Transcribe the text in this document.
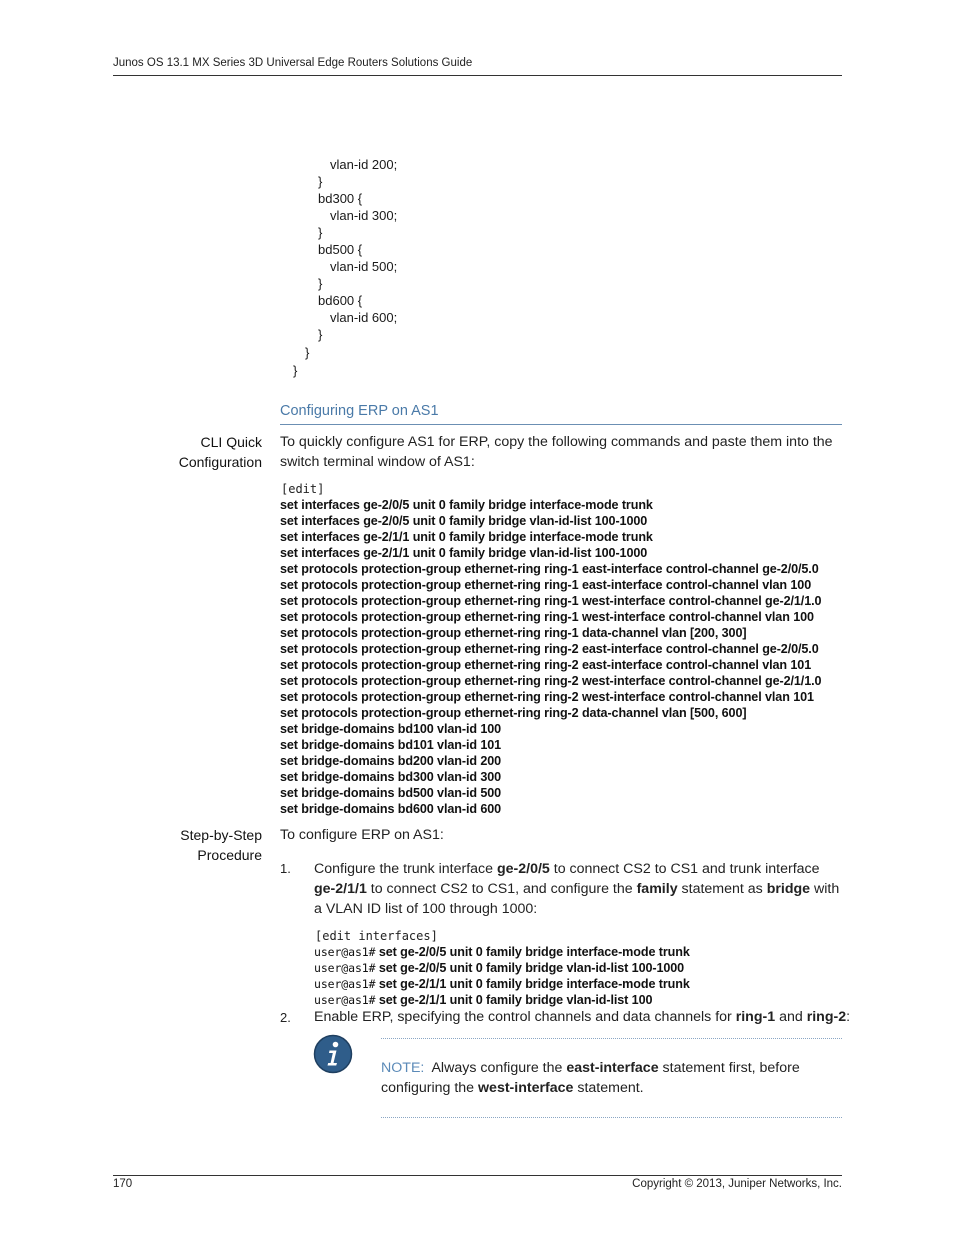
Junos OS 13.1 MX Series 3D Universal Edge Routers Solutions Guide
vlan-id 200;
}
bd300 {
vlan-id 300;
}
bd500 {
vlan-id 500;
}
bd600 {
vlan-id 600;
}
}
}
Configuring ERP on AS1
CLI Quick
Configuration
To quickly configure AS1 for ERP, copy the following commands and paste them into the
switch terminal window of AS1:
[edit]
set interfaces ge-2/0/5 unit 0 family bridge interface-mode trunk
set interfaces ge-2/0/5 unit 0 family bridge vlan-id-list 100-1000
set interfaces ge-2/1/1 unit 0 family bridge interface-mode trunk
set interfaces ge-2/1/1 unit 0 family bridge vlan-id-list 100-1000
set protocols protection-group ethernet-ring ring-1 east-interface control-channel ge-2/0/5.0
set protocols protection-group ethernet-ring ring-1 east-interface control-channel vlan 100
set protocols protection-group ethernet-ring ring-1 west-interface control-channel ge-2/1/1.0
set protocols protection-group ethernet-ring ring-1 west-interface control-channel vlan 100
set protocols protection-group ethernet-ring ring-1 data-channel vlan [200, 300]
set protocols protection-group ethernet-ring ring-2 east-interface control-channel ge-2/0/5.0
set protocols protection-group ethernet-ring ring-2 east-interface control-channel vlan 101
set protocols protection-group ethernet-ring ring-2 west-interface control-channel ge-2/1/1.0
set protocols protection-group ethernet-ring ring-2 west-interface control-channel vlan 101
set protocols protection-group ethernet-ring ring-2 data-channel vlan [500, 600]
set bridge-domains bd100 vlan-id 100
set bridge-domains bd101 vlan-id 101
set bridge-domains bd200 vlan-id 200
set bridge-domains bd300 vlan-id 300
set bridge-domains bd500 vlan-id 500
set bridge-domains bd600 vlan-id 600
Step-by-Step
Procedure
To configure ERP on AS1:
1. Configure the trunk interface ge-2/0/5 to connect CS2 to CS1 and trunk interface
ge-2/1/1 to connect CS2 to CS1, and configure the family statement as bridge with
a VLAN ID list of 100 through 1000:
[edit interfaces]
user@as1# set ge-2/0/5 unit 0 family bridge interface-mode trunk
user@as1# set ge-2/0/5 unit 0 family bridge vlan-id-list 100-1000
user@as1# set ge-2/1/1 unit 0 family bridge interface-mode trunk
user@as1# set ge-2/1/1 unit 0 family bridge vlan-id-list 100
2. Enable ERP, specifying the control channels and data channels for ring-1 and ring-2:
NOTE: Always configure the east-interface statement first, before
configuring the west-interface statement.
170	Copyright © 2013, Juniper Networks, Inc.
